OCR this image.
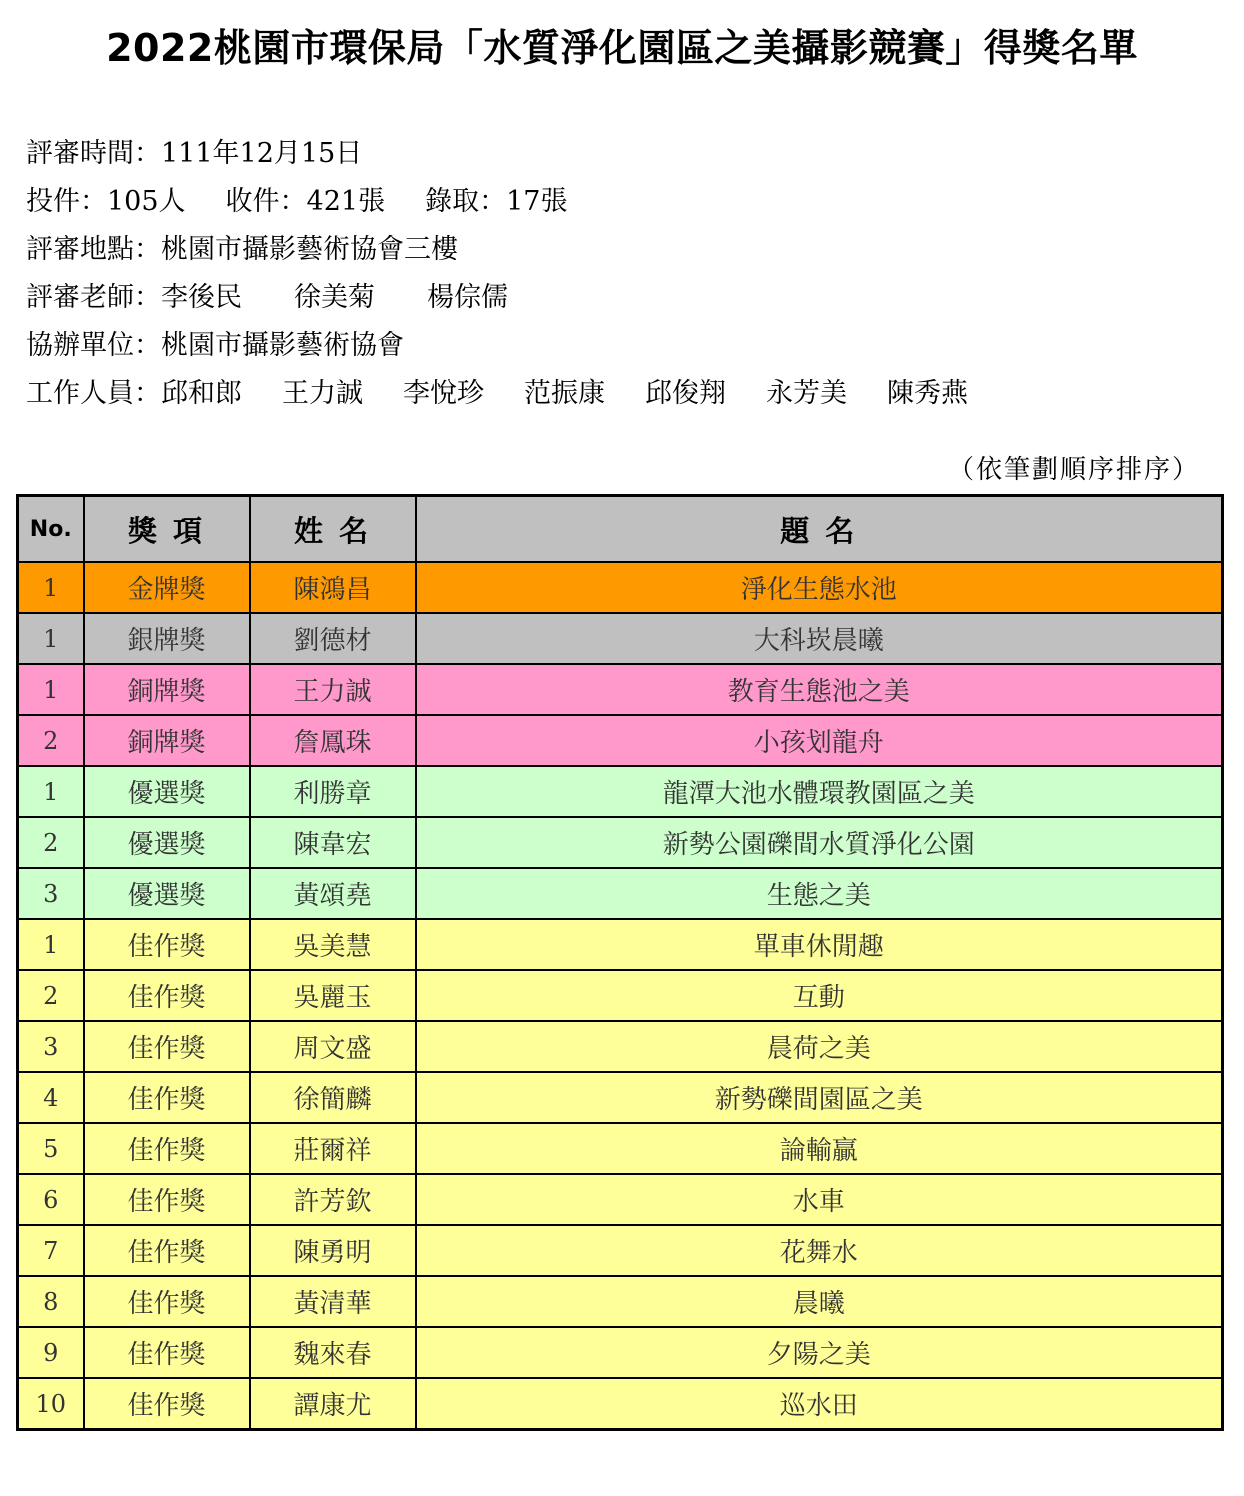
2022桃園市環保局「水質淨化園區之美攝影競賽」得獎名單
評審時間：111年12月15日
投件：105人 收件：421張 錄取：17張
評審地點：桃園市攝影藝術協會三樓
評審老師：李後民 徐美菊 楊倧儒
協辦單位：桃園市攝影藝術協會
工作人員：邱和郎 王力誠 李悅珍 范振康 邱俊翔 永芳美 陳秀燕
（依筆劃順序排序）
No.	獎 項	姓 名	題 名
1	金牌獎	陳鴻昌	淨化生態水池
1	銀牌獎	劉德材	大科崁晨曦
1	銅牌獎	王力誠	教育生態池之美
2	銅牌獎	詹鳳珠	小孩划龍舟
1	優選獎	利勝章	龍潭大池水體環教園區之美
2	優選獎	陳韋宏	新勢公園礫間水質淨化公園
3	優選獎	黃頌堯	生態之美
1	佳作獎	吳美慧	單車休閒趣
2	佳作獎	吳麗玉	互動
3	佳作獎	周文盛	晨荷之美
4	佳作獎	徐簡麟	新勢礫間園區之美
5	佳作獎	莊爾祥	論輸贏
6	佳作獎	許芳欽	水車
7	佳作獎	陳勇明	花舞水
8	佳作獎	黃清華	晨曦
9	佳作獎	魏來春	夕陽之美
10	佳作獎	譚康尤	巡水田
